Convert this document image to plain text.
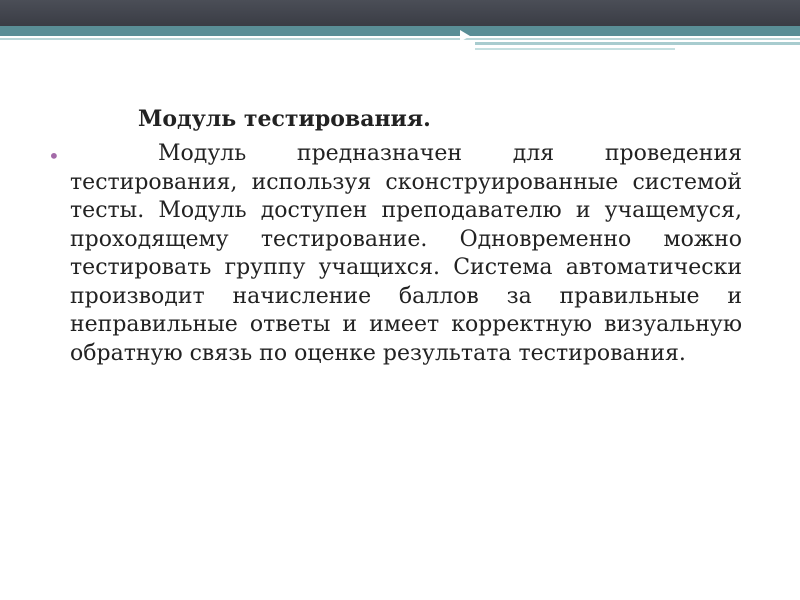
Модуль тестирования.
•	Модуль предназначен для проведения тестирования, используя сконструированные системой тесты. Модуль доступен преподавателю и учащемуся, проходящему тестирование. Одновременно можно тестировать группу учащихся. Система автоматически производит начисление баллов за правильные и неправильные ответы и имеет корректную визуальную обратную связь по оценке результата тестирования.
